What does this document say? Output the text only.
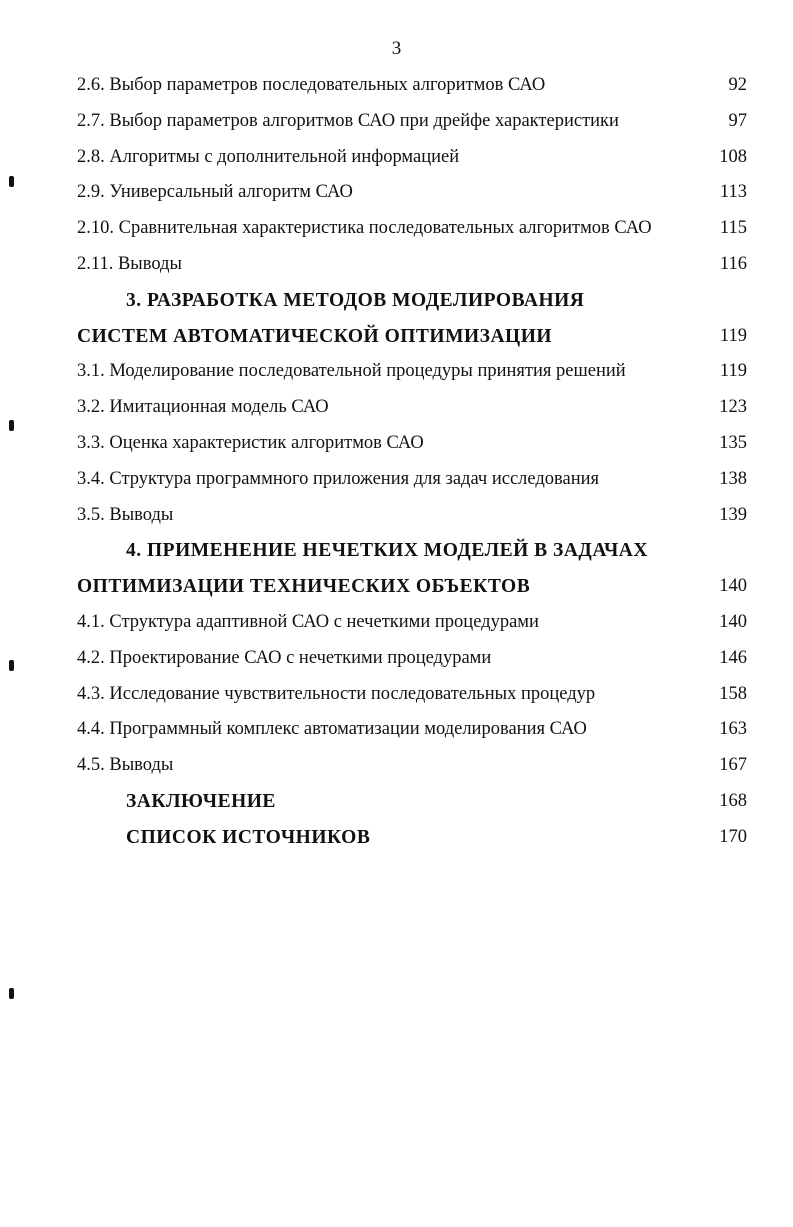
3
2.6. Выбор параметров последовательных алгоритмов САО	92
2.7. Выбор параметров алгоритмов САО при дрейфе характеристики	97
2.8. Алгоритмы с дополнительной информацией	108
2.9. Универсальный алгоритм САО	113
2.10. Сравнительная характеристика последовательных алгоритмов САО	115
2.11. Выводы	116
3. РАЗРАБОТКА МЕТОДОВ МОДЕЛИРОВАНИЯ
СИСТЕМ АВТОМАТИЧЕСКОЙ ОПТИМИЗАЦИИ	119
3.1. Моделирование последовательной процедуры принятия решений	119
3.2. Имитационная модель САО	123
3.3. Оценка характеристик алгоритмов САО	135
3.4. Структура программного приложения для задач исследования	138
3.5. Выводы	139
4. ПРИМЕНЕНИЕ НЕЧЕТКИХ МОДЕЛЕЙ В ЗАДАЧАХ
ОПТИМИЗАЦИИ ТЕХНИЧЕСКИХ ОБЪЕКТОВ	140
4.1. Структура адаптивной САО с нечеткими процедурами	140
4.2. Проектирование САО с нечеткими процедурами	146
4.3. Исследование чувствительности последовательных процедур	158
4.4. Программный комплекс автоматизации моделирования САО	163
4.5. Выводы	167
ЗАКЛЮЧЕНИЕ	168
СПИСОК ИСТОЧНИКОВ	170
